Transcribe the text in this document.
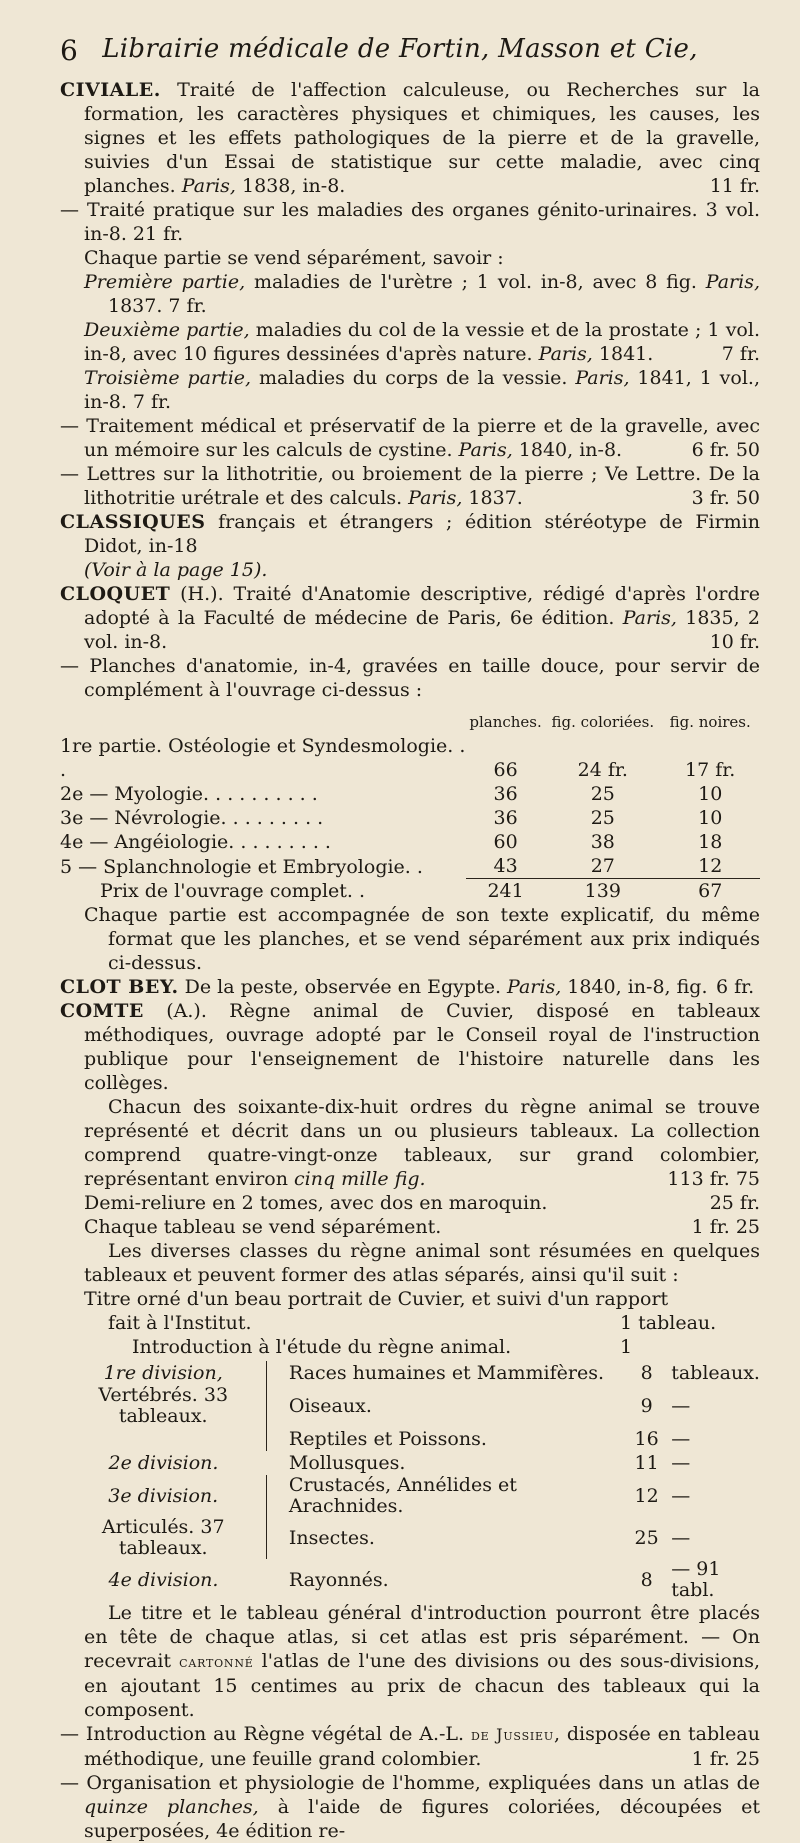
6 Librairie médicale de Fortin, Masson et Cie,

CIVIALE. Traité de l'affection calculeuse, ou Recherches sur la formation, les caractères physiques et chimiques, les causes, les signes et les effets pathologiques de la pierre et de la gravelle, suivies d'un Essai de statistique sur cette maladie, avec cinq planches. Paris, 1838, in-8.	11 fr.

— Traité pratique sur les maladies des organes génito-urinaires. 3 vol. in-8. 21 fr.

Chaque partie se vend séparément, savoir :

Première partie, maladies de l'urètre ; 1 vol. in-8, avec 8 fig. Paris, 1837. 7 fr.

Deuxième partie, maladies du col de la vessie et de la prostate ; 1 vol. in-8, avec 10 figures dessinées d'après nature. Paris, 1841.	7 fr.

Troisième partie, maladies du corps de la vessie. Paris, 1841, 1 vol., in-8. 7 fr.

— Traitement médical et préservatif de la pierre et de la gravelle, avec un mémoire sur les calculs de cystine. Paris, 1840, in-8.	6 fr. 50

— Lettres sur la lithotritie, ou broiement de la pierre ; Ve Lettre. De la lithotritie urétrale et des calculs. Paris, 1837.	3 fr. 50

CLASSIQUES français et étrangers ; édition stéréotype de Firmin Didot, in-18

(Voir à la page 15).

CLOQUET (H.). Traité d'Anatomie descriptive, rédigé d'après l'ordre adopté à la Faculté de médecine de Paris, 6e édition. Paris, 1835, 2 vol. in-8.	10 fr.

— Planches d'anatomie, in-4, gravées en taille douce, pour servir de complément à l'ouvrage ci-dessus :

	planches.	fig. coloriées.	fig. noires.
1re partie. Ostéologie et Syndesmologie. . .	66	24 fr.	17 fr.
2e — Myologie. . . . . . . . . .	36	25	10
3e — Névrologie. . . . . . . . .	36	25	10
4e — Angéiologie. . . . . . . . .	60	38	18
5 — Splanchnologie et Embryologie. .	43	27	12
Prix de l'ouvrage complet. .	241	139	67

Chaque partie est accompagnée de son texte explicatif, du même format que les planches, et se vend séparément aux prix indiqués ci-dessus.

CLOT BEY. De la peste, observée en Egypte. Paris, 1840, in-8, fig. 6 fr.

COMTE (A.). Règne animal de Cuvier, disposé en tableaux méthodiques, ouvrage adopté par le Conseil royal de l'instruction publique pour l'enseignement de l'histoire naturelle dans les collèges.

Chacun des soixante-dix-huit ordres du règne animal se trouve représenté et décrit dans un ou plusieurs tableaux. La collection comprend quatre-vingt-onze tableaux, sur grand colombier, représentant environ cinq mille fig.	113 fr. 75

Demi-reliure en 2 tomes, avec dos en maroquin.	25 fr.

Chaque tableau se vend séparément.	1 fr. 25

Les diverses classes du règne animal sont résumées en quelques tableaux et peuvent former des atlas séparés, ainsi qu'il suit :

Titre orné d'un beau portrait de Cuvier, et suivi d'un rapport

fait à l'Institut.	1 tableau.

Introduction à l'étude du règne animal.	1

1re division,		Races humaines et Mammifères.	8	tableaux.
Vertébrés. 33 tableaux.		Oiseaux.	9	—
		Reptiles et Poissons.	16	—
2e division.		Mollusques.	11	—
3e division.		Crustacés, Annélides et Arachnides.	12	—
Articulés. 37 tableaux.		Insectes.	25	—
4e division.		Rayonnés.	8	— 91 tabl.

Le titre et le tableau général d'introduction pourront être placés en tête de chaque atlas, si cet atlas est pris séparément. — On recevrait cartonné l'atlas de l'une des divisions ou des sous-divisions, en ajoutant 15 centimes au prix de chacun des tableaux qui la composent.

— Introduction au Règne végétal de A.-L. de Jussieu, disposée en tableau méthodique, une feuille grand colombier.	1 fr. 25

— Organisation et physiologie de l'homme, expliquées dans un atlas de quinze planches, à l'aide de figures coloriées, découpées et superposées, 4e édition re-
